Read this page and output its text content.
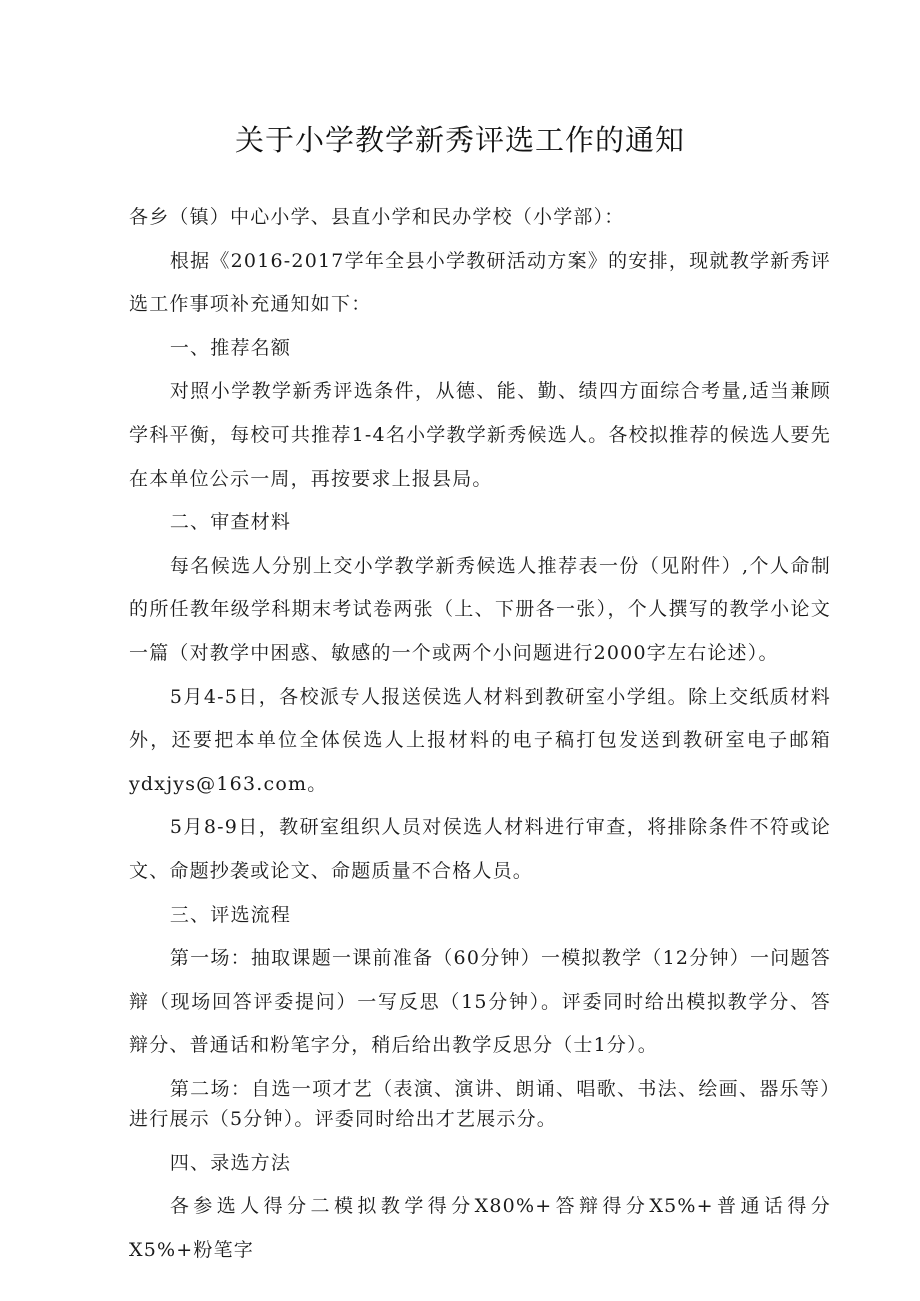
关于小学教学新秀评选工作的通知

各乡（镇）中心小学、县直小学和民办学校（小学部）：

根据《2016-2017学年全县小学教研活动方案》的安排，现就教学新秀评选工作事项补充通知如下：

一、推荐名额

对照小学教学新秀评选条件，从德、能、勤、绩四方面综合考量,适当兼顾学科平衡，每校可共推荐1-4名小学教学新秀候选人。各校拟推荐的候选人要先在本单位公示一周，再按要求上报县局。

二、审查材料

每名候选人分别上交小学教学新秀候选人推荐表一份（见附件）,个人命制的所任教年级学科期末考试卷两张（上、下册各一张），个人撰写的教学小论文一篇（对教学中困惑、敏感的一个或两个小问题进行2000字左右论述）。

5月4-5日，各校派专人报送侯选人材料到教研室小学组。除上交纸质材料外，还要把本单位全体侯选人上报材料的电子稿打包发送到教研室电子邮箱ydxjys@163.com。

5月8-9日，教研室组织人员对侯选人材料进行审查，将排除条件不符或论文、命题抄袭或论文、命题质量不合格人员。

三、评选流程

第一场：抽取课题一课前准备（60分钟）一模拟教学（12分钟）一问题答辩（现场回答评委提问）一写反思（15分钟）。评委同时给出模拟教学分、答辩分、普通话和粉笔字分，稍后给出教学反思分（士1分）。

第二场：自选一项才艺（表演、演讲、朗诵、唱歌、书法、绘画、器乐等）进行展示（5分钟）。评委同时给出才艺展示分。

四、录选方法

各参选人得分二模拟教学得分X80%+答辩得分X5%+普通话得分X5%+粉笔字
